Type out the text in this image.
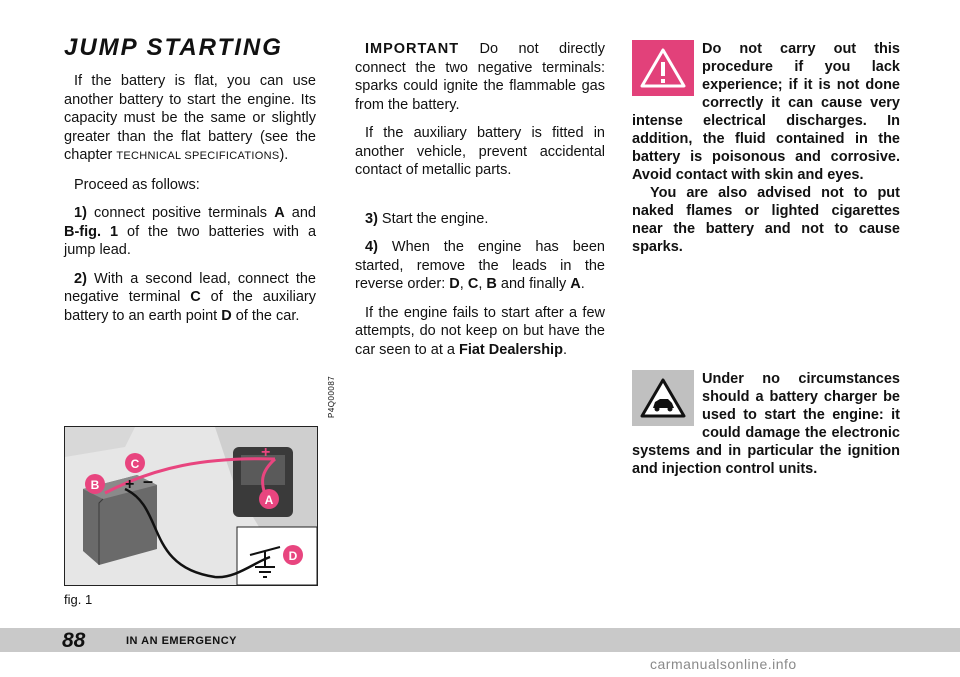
JUMP STARTING

If the battery is flat, you can use another battery to start the engine. Its capacity must be the same or slightly greater than the flat battery (see the chapter TECHNICAL SPECIFICATIONS).

Proceed as follows:

1) connect positive terminals A and B-fig. 1 of the two batteries with a jump lead.

2) With a second lead, connect the negative terminal C of the auxiliary battery to an earth point D of the car.

+ –
+
B
C
A
D
P4Q00087
fig. 1

IMPORTANT Do not directly connect the two negative terminals: sparks could ignite the flammable gas from the battery.

If the auxiliary battery is fitted in another vehicle, prevent accidental contact of metallic parts.

3) Start the engine.

4) When the engine has been started, remove the leads in the reverse order: D, C, B and finally A.

If the engine fails to start after a few attempts, do not keep on but have the car seen to at a Fiat Dealership.

Do not carry out this procedure if you lack experience; if it is not done correctly it can cause very intense electrical discharges. In addition, the fluid contained in the battery is poisonous and corrosive. Avoid contact with skin and eyes.

You are also advised not to put naked flames or lighted cigarettes near the battery and not to cause sparks.

Under no circumstances should a battery charger be used to start the engine: it could damage the electronic systems and in particular the ignition and injection control units.

88	IN AN EMERGENCY
carmanualsonline.info
